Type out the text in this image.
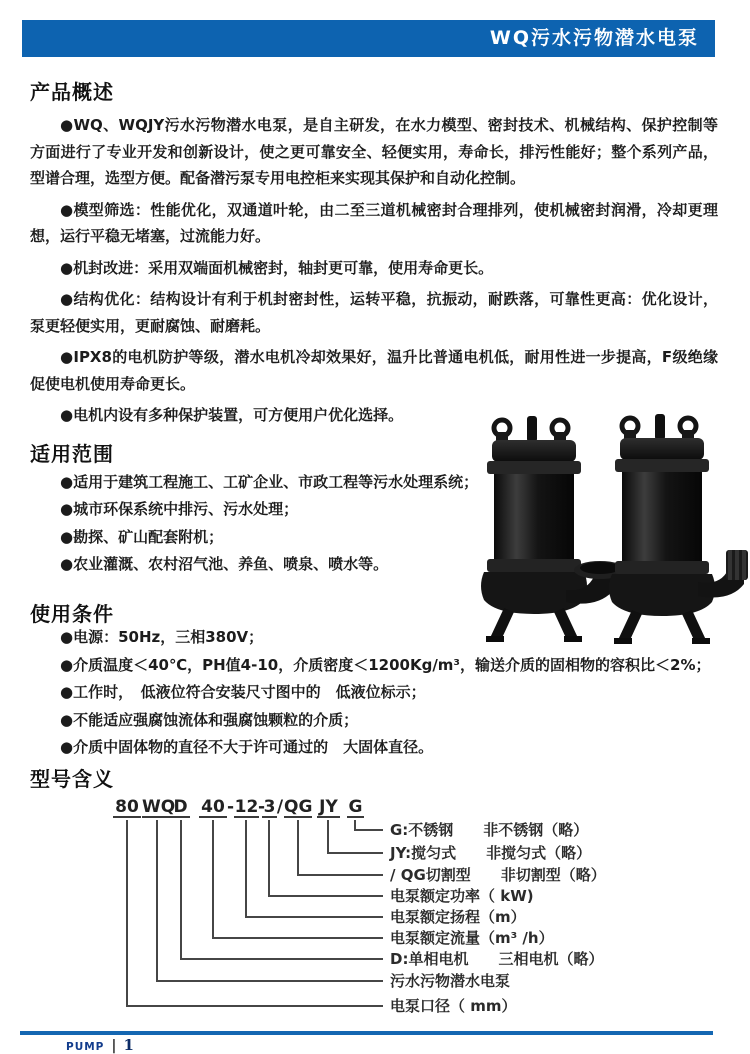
WQ污水污物潜水电泵
产品概述

●WQ、WQJY污水污物潜水电泵，是自主研发，在水力模型、密封技术、机械结构、保护控制等方面进行了专业开发和创新设计，使之更可靠安全、轻便实用，寿命长，排污性能好；整个系列产品，型谱合理，选型方便。配备潜污泵专用电控柜来实现其保护和自动化控制。

●模型筛选：性能优化，双通道叶轮，由二至三道机械密封合理排列，使机械密封润滑，冷却更理想，运行平稳无堵塞，过流能力好。

●机封改进：采用双端面机械密封，轴封更可靠，使用寿命更长。

●结构优化：结构设计有利于机封密封性，运转平稳，抗振动，耐跌落，可靠性更高：优化设计，泵更轻便实用，更耐腐蚀、耐磨耗。

●IPX8的电机防护等级，潜水电机冷却效果好，温升比普通电机低，耐用性进一步提高，F级绝缘促使电机使用寿命更长。

●电机内设有多种保护装置，可方便用户优化选择。

适用范围
●适用于建筑工程施工、工矿企业、市政工程等污水处理系统；
●城市环保系统中排污、污水处理；
●勘探、矿山配套附机；
●农业灌溉、农村沼气池、养鱼、喷泉、喷水等。
使用条件
●电源：50Hz，三相380V；
●介质温度＜40℃，PH值4-10，介质密度＜1200Kg/m³，输送介质的固相物的容积比＜2%；
●工作时，　低液位符合安装尺寸图中的　低液位标示；
●不能适应强腐蚀流体和强腐蚀颗粒的介质；
●介质中固体物的直径不大于许可通过的　大固体直径。
型号含义
80 WQ
D 40 - 12 -
3 / QG JY G
G:不锈钢　　非不锈钢（略）
JY:搅匀式　　非搅匀式（略）
/ QG切割型　　非切割型（略）
电泵额定功率（ kW)
电泵额定扬程（m）
电泵额定流量（m³ /h）
D:单相电机　　三相电机（略）
污水污物潜水电泵
电泵口径（ mm）
PUMP | 1
